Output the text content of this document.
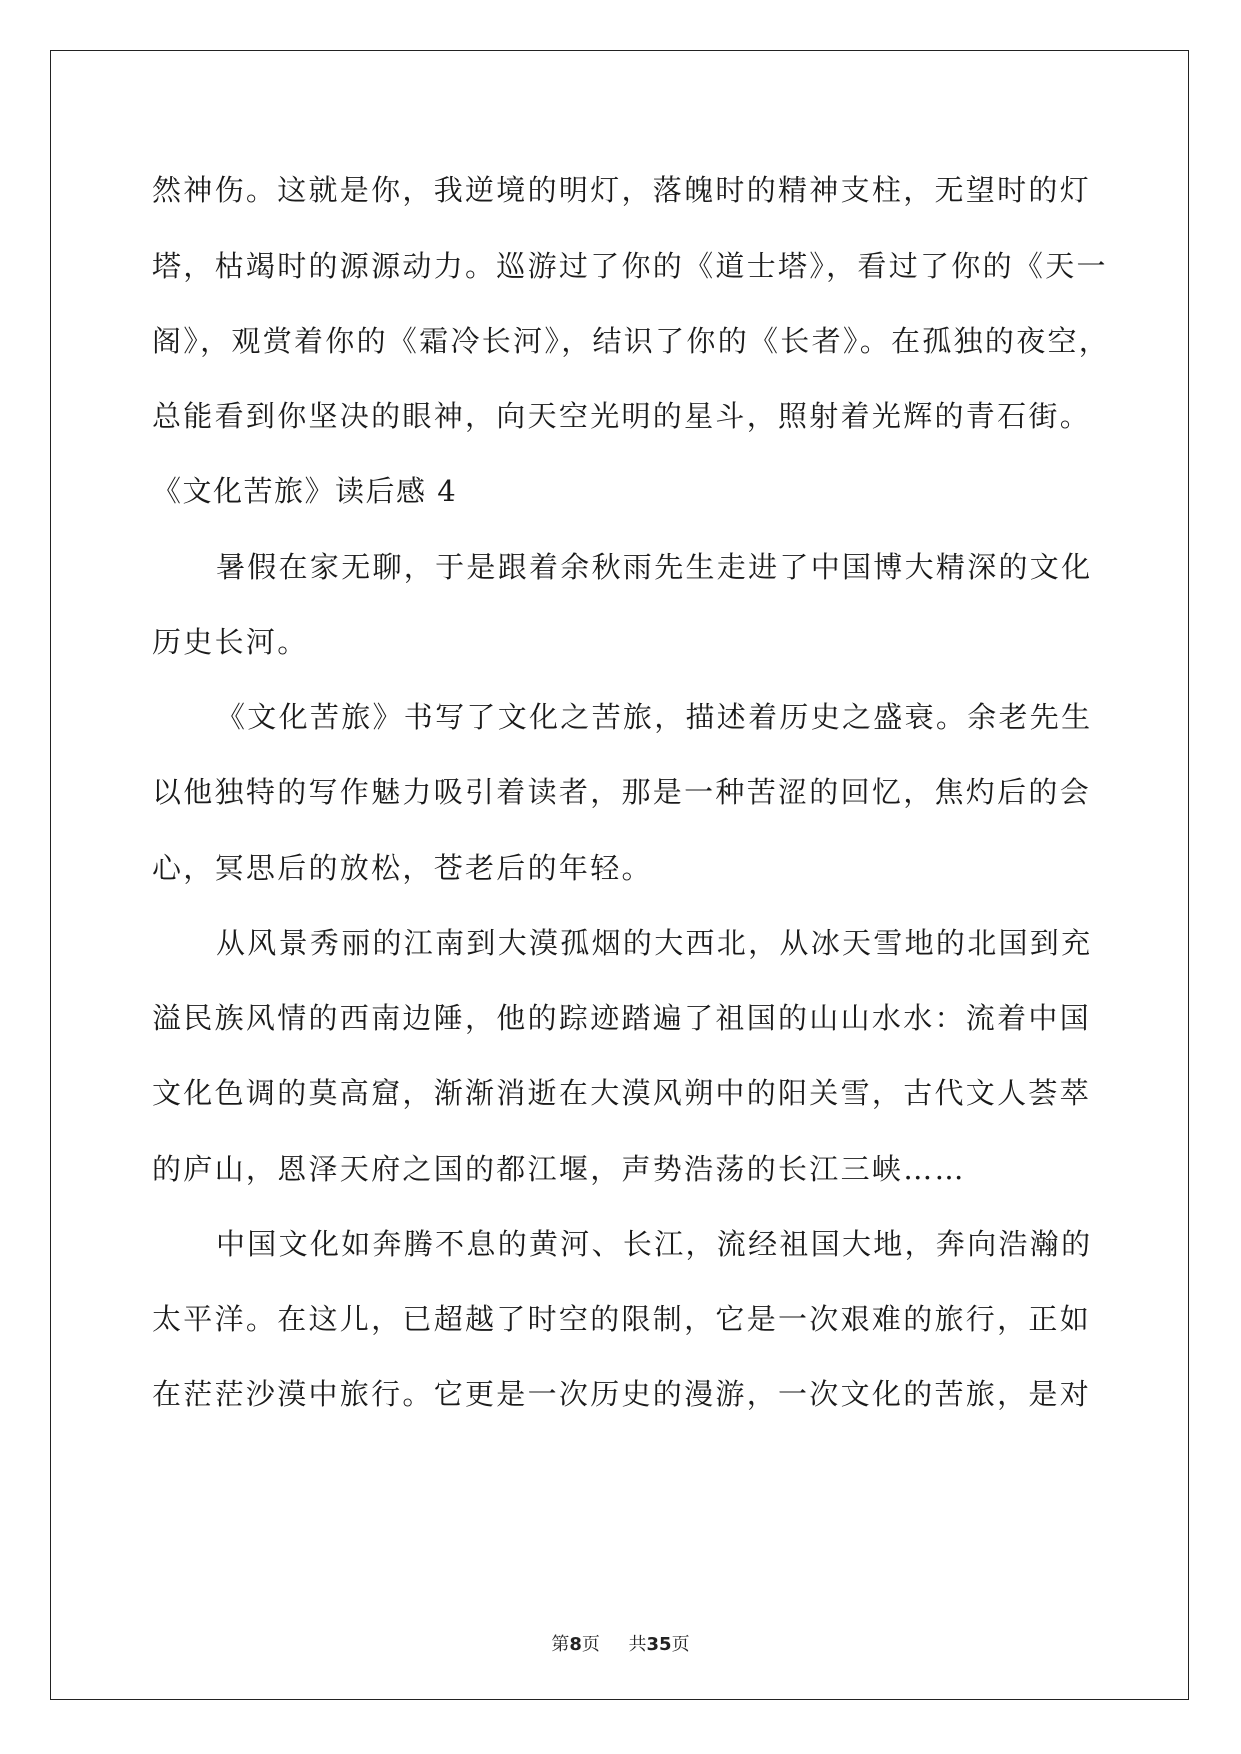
然神伤。这就是你，我逆境的明灯，落魄时的精神支柱，无望时的灯
塔，枯竭时的源源动力。巡游过了你的《道士塔》，看过了你的《天一
阁》，观赏着你的《霜冷长河》，结识了你的《长者》。在孤独的夜空，
总能看到你坚决的眼神，向天空光明的星斗，照射着光辉的青石街。
《文化苦旅》读后感 4
暑假在家无聊，于是跟着余秋雨先生走进了中国博大精深的文化
历史长河。
《文化苦旅》书写了文化之苦旅，描述着历史之盛衰。余老先生
以他独特的写作魅力吸引着读者，那是一种苦涩的回忆，焦灼后的会
心，冥思后的放松，苍老后的年轻。
从风景秀丽的江南到大漠孤烟的大西北，从冰天雪地的北国到充
溢民族风情的西南边陲，他的踪迹踏遍了祖国的山山水水：流着中国
文化色调的莫高窟，渐渐消逝在大漠风朔中的阳关雪，古代文人荟萃
的庐山，恩泽天府之国的都江堰，声势浩荡的长江三峡……
中国文化如奔腾不息的黄河、长江，流经祖国大地，奔向浩瀚的
太平洋。在这儿，已超越了时空的限制，它是一次艰难的旅行，正如
在茫茫沙漠中旅行。它更是一次历史的漫游，一次文化的苦旅，是对
第8页 共35页
